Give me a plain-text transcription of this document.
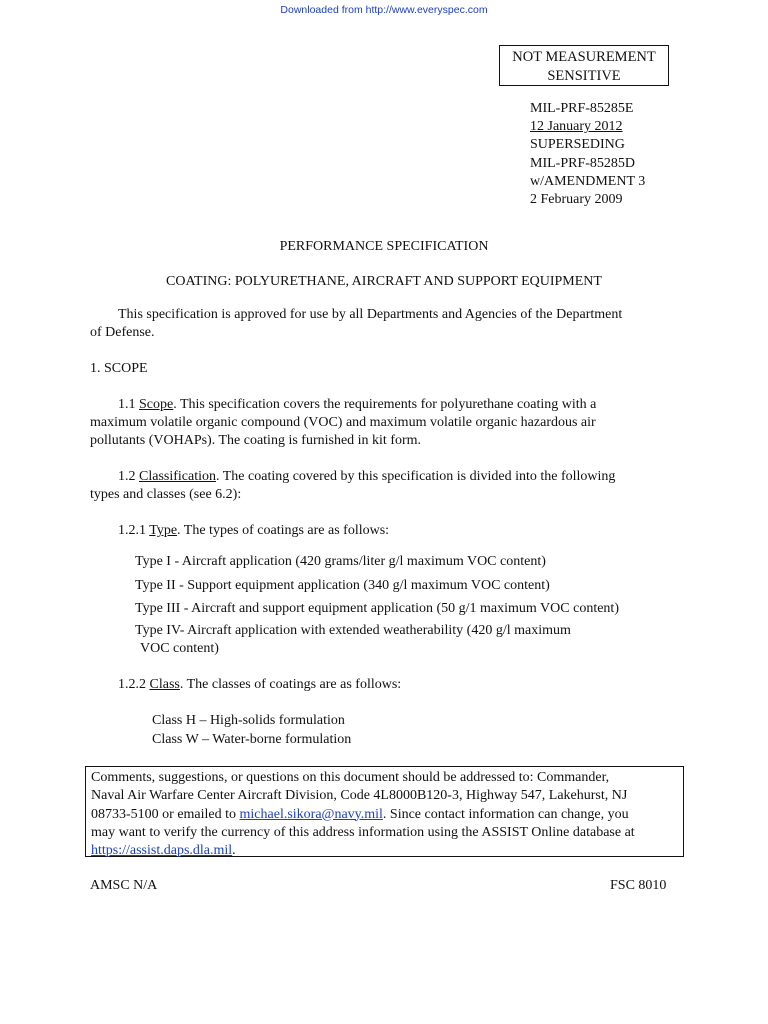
Downloaded from http://www.everyspec.com
NOT MEASUREMENT
SENSITIVE
MIL-PRF-85285E
12 January 2012
SUPERSEDING
MIL-PRF-85285D
w/AMENDMENT 3
2 February 2009
PERFORMANCE SPECIFICATION
COATING: POLYURETHANE, AIRCRAFT AND SUPPORT EQUIPMENT
This specification is approved for use by all Departments and Agencies of the Department
of Defense.
1. SCOPE
1.1 Scope. This specification covers the requirements for polyurethane coating with a
maximum volatile organic compound (VOC) and maximum volatile organic hazardous air
pollutants (VOHAPs). The coating is furnished in kit form.
1.2 Classification. The coating covered by this specification is divided into the following
types and classes (see 6.2):
1.2.1 Type. The types of coatings are as follows:
Type I - Aircraft application (420 grams/liter g/l maximum VOC content)
Type II - Support equipment application (340 g/l maximum VOC content)
Type III - Aircraft and support equipment application (50 g/1 maximum VOC content)
Type IV- Aircraft application with extended weatherability (420 g/l maximum
VOC content)
1.2.2 Class. The classes of coatings are as follows:
Class H – High-solids formulation
Class W – Water-borne formulation
Comments, suggestions, or questions on this document should be addressed to: Commander,
Naval Air Warfare Center Aircraft Division, Code 4L8000B120-3, Highway 547, Lakehurst, NJ
08733-5100 or emailed to michael.sikora@navy.mil. Since contact information can change, you
may want to verify the currency of this address information using the ASSIST Online database at
https://assist.daps.dla.mil.
AMSC N/A	FSC 8010
